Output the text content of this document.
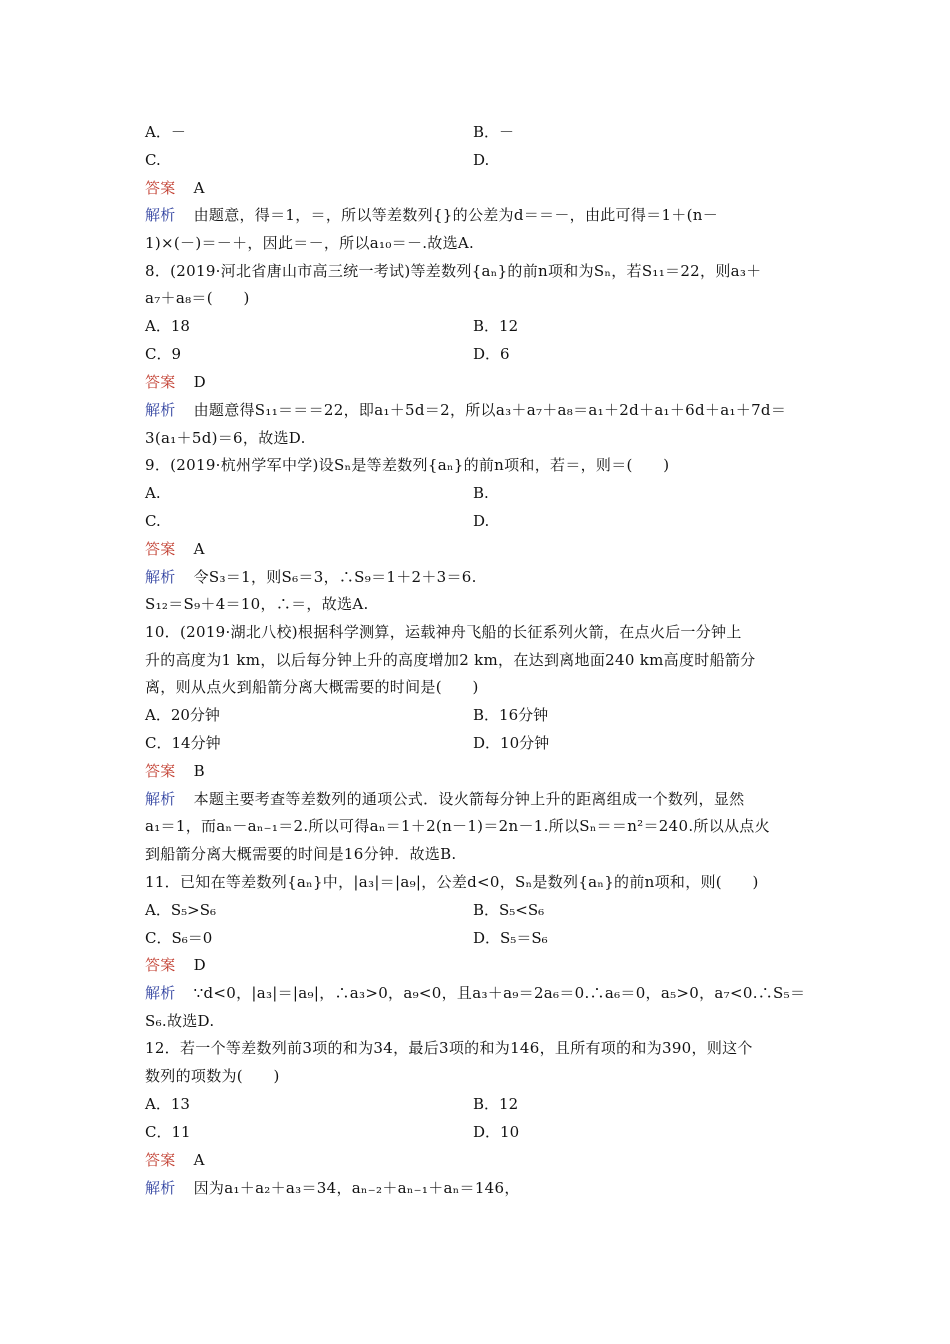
A．－	B．－
C.	D.
答案 A
解析 由题意，得＝1，＝，所以等差数列{}的公差为d＝＝－，由此可得＝1＋(n－
1)×(－)＝－＋，因此＝－，所以a₁₀＝－.故选A.
8．(2019·河北省唐山市高三统一考试)等差数列{aₙ}的前n项和为Sₙ，若S₁₁＝22，则a₃＋
a₇＋a₈＝(　　)
A．18	B．12
C．9	D．6
答案 D
解析 由题意得S₁₁＝＝＝22，即a₁＋5d＝2，所以a₃＋a₇＋a₈＝a₁＋2d＋a₁＋6d＋a₁＋7d＝
3(a₁＋5d)＝6，故选D.
9．(2019·杭州学军中学)设Sₙ是等差数列{aₙ}的前n项和，若＝，则＝(　　)
A.	B.
C.	D.
答案 A
解析 令S₃＝1，则S₆＝3，∴S₉＝1＋2＋3＝6.
S₁₂＝S₉＋4＝10，∴＝，故选A.
10．(2019·湖北八校)根据科学测算，运载神舟飞船的长征系列火箭，在点火后一分钟上
升的高度为1 km，以后每分钟上升的高度增加2 km，在达到离地面240 km高度时船箭分
离，则从点火到船箭分离大概需要的时间是(　　)
A．20分钟	B．16分钟
C．14分钟	D．10分钟
答案 B
解析 本题主要考查等差数列的通项公式．设火箭每分钟上升的距离组成一个数列，显然
a₁＝1，而aₙ－aₙ₋₁＝2.所以可得aₙ＝1＋2(n－1)＝2n－1.所以Sₙ＝＝n²＝240.所以从点火
到船箭分离大概需要的时间是16分钟．故选B.
11．已知在等差数列{aₙ}中，|a₃|＝|a₉|，公差d<0，Sₙ是数列{aₙ}的前n项和，则(　　)
A．S₅>S₆	B．S₅<S₆
C．S₆＝0	D．S₅＝S₆
答案 D
解析 ∵d<0，|a₃|＝|a₉|，∴a₃>0，a₉<0，且a₃＋a₉＝2a₆＝0.∴a₆＝0，a₅>0，a₇<0.∴S₅＝
S₆.故选D.
12．若一个等差数列前3项的和为34，最后3项的和为146，且所有项的和为390，则这个
数列的项数为(　　)
A．13	B．12
C．11	D．10
答案 A
解析 因为a₁＋a₂＋a₃＝34，aₙ₋₂＋aₙ₋₁＋aₙ＝146，
